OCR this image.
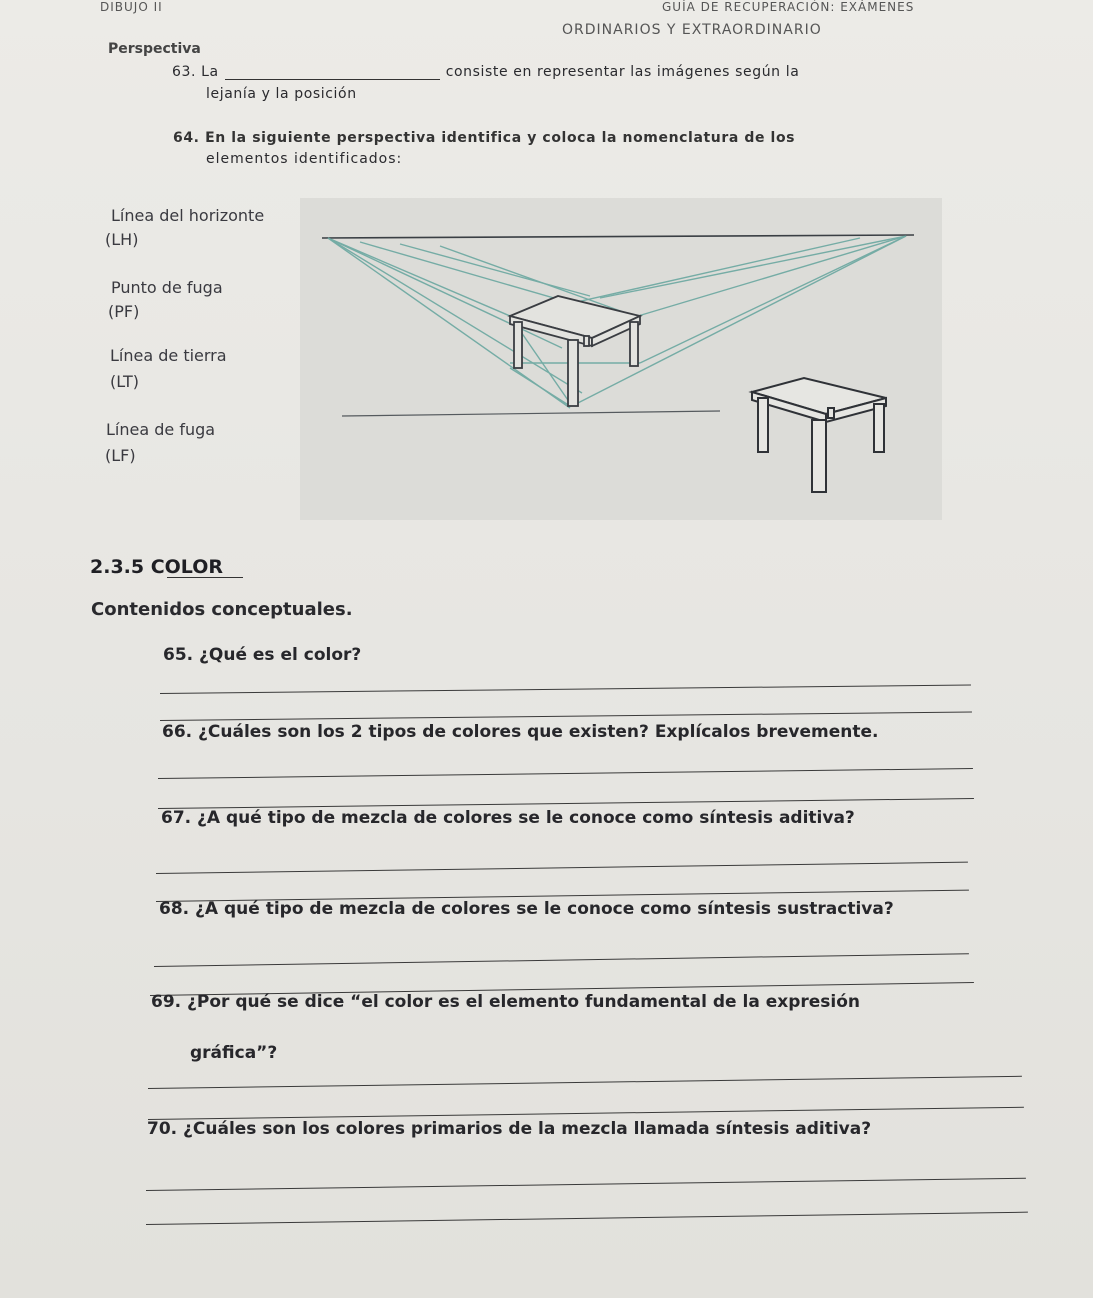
DIBUJO II	GUÍA DE RECUPERACIÓN: EXÁMENES
ORDINARIOS Y EXTRAORDINARIO
Perspectiva
63. La	consiste en representar las imágenes según la
lejanía y la posición
64. En la siguiente perspectiva identifica y coloca la nomenclatura de los
elementos identificados:
Línea del horizonte
(LH)
Punto de fuga
(PF)
Línea de tierra
(LT)
Línea de fuga
(LF)
2.3.5 COLOR
Contenidos conceptuales.
65. ¿Qué es el color?
66. ¿Cuáles son los 2 tipos de colores que existen? Explícalos brevemente.
67. ¿A qué tipo de mezcla de colores se le conoce como síntesis aditiva?
68. ¿A qué tipo de mezcla de colores se le conoce como síntesis sustractiva?
69. ¿Por qué se dice “el color es el elemento fundamental de la expresión
gráfica”?
70. ¿Cuáles son los colores primarios de la mezcla llamada síntesis aditiva?
